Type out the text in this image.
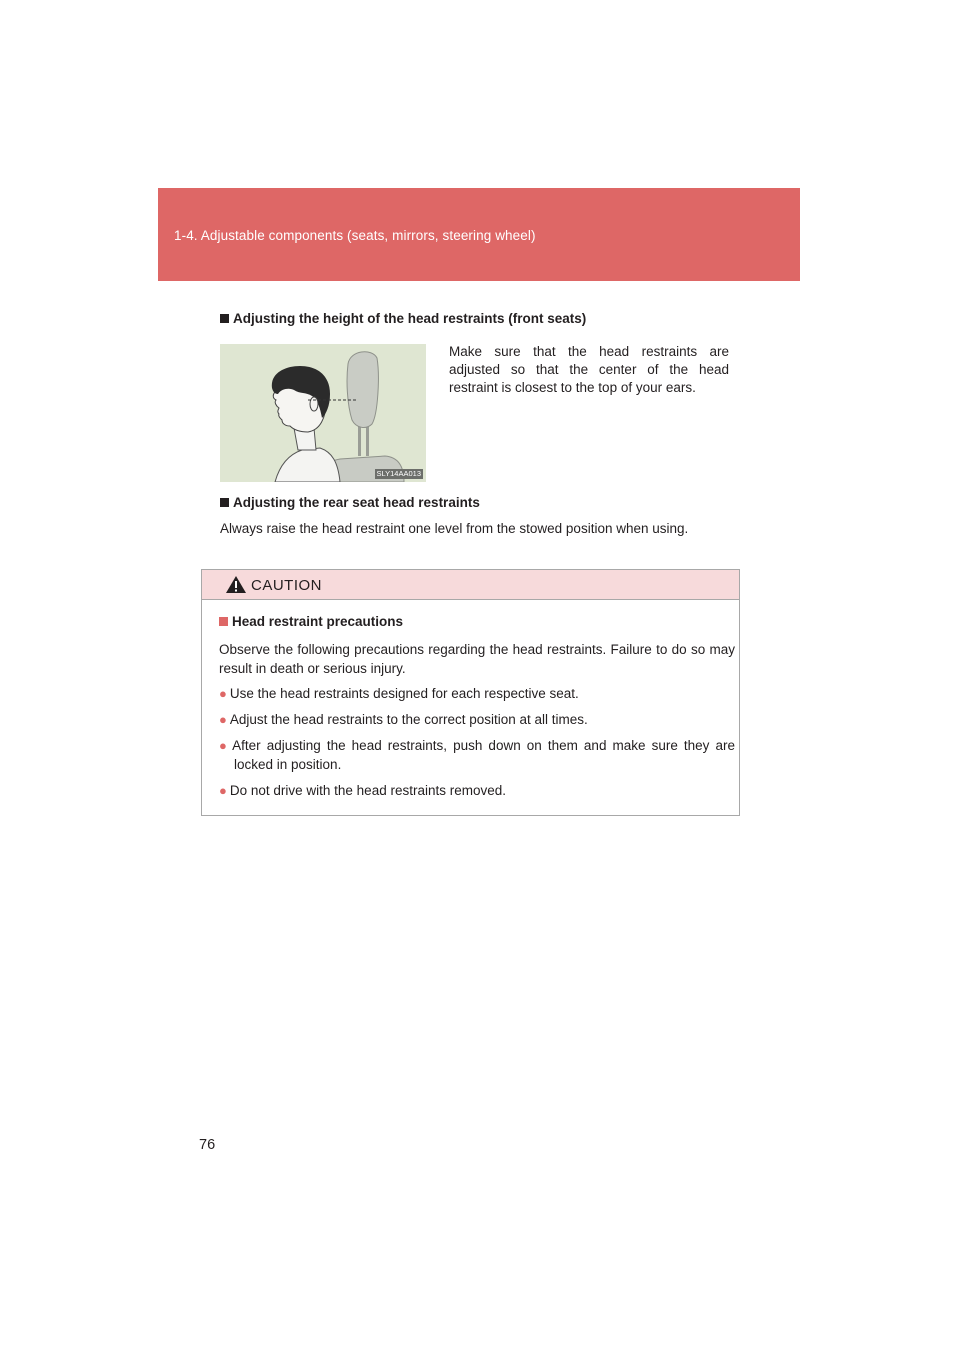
1-4. Adjustable components (seats, mirrors, steering wheel)
Adjusting the height of the head restraints (front seats)
SLY14AA013
Make sure that the head restraints are adjusted so that the center of the head restraint is closest to the top of your ears.
Adjusting the rear seat head restraints
Always raise the head restraint one level from the stowed position when using.
CAUTION
Head restraint precautions
Observe the following precautions regarding the head restraints. Failure to do so may result in death or serious injury.
● Use the head restraints designed for each respective seat.
● Adjust the head restraints to the correct position at all times.
● After adjusting the head restraints, push down on them and make sure they are locked in position.
● Do not drive with the head restraints removed.
76
